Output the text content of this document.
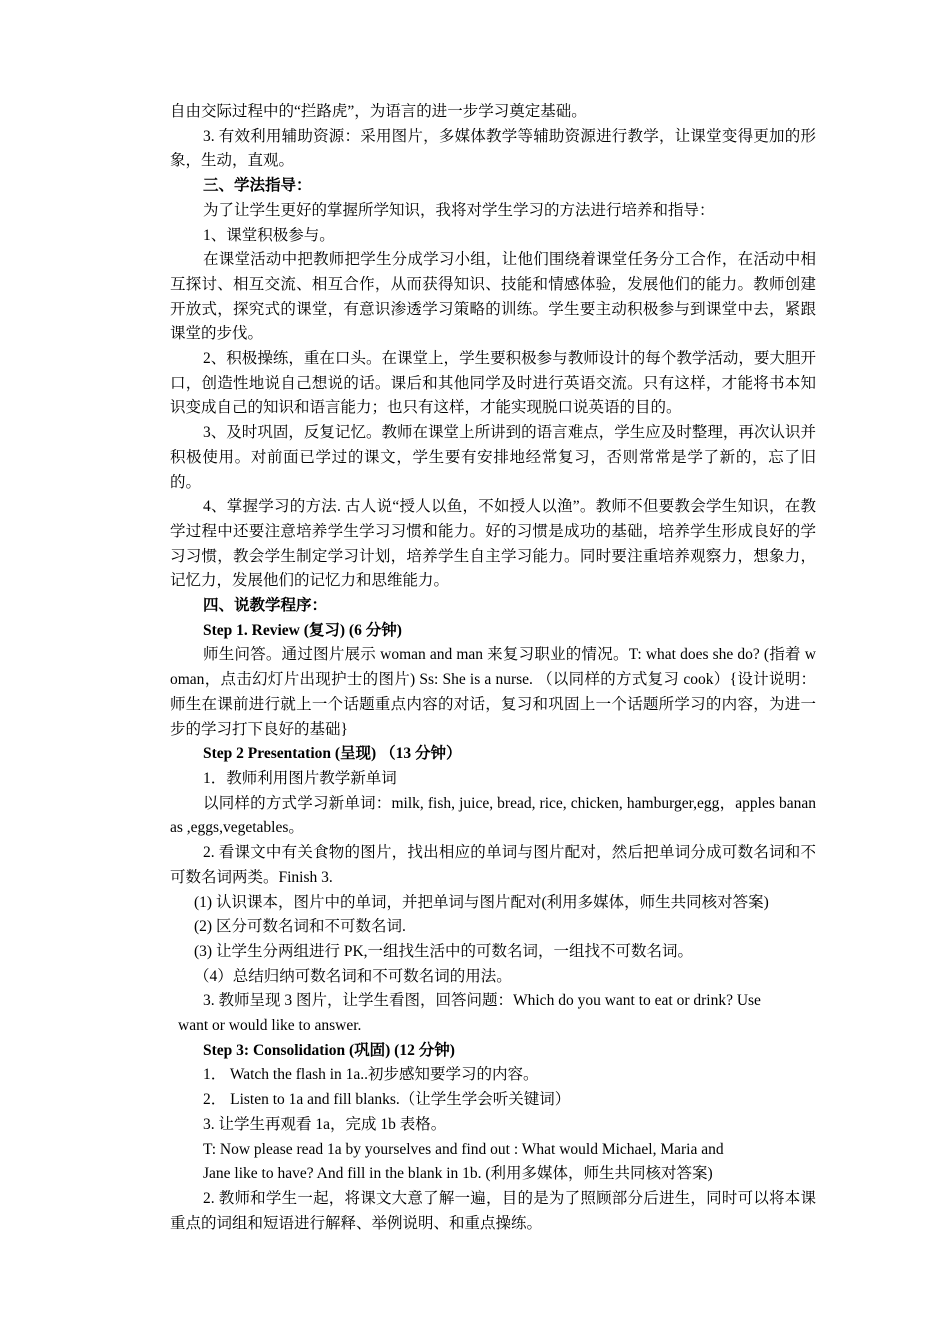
自由交际过程中的“拦路虎”，为语言的进一步学习奠定基础。

3. 有效利用辅助资源：采用图片，多媒体教学等辅助资源进行教学，让课堂变得更加的形象，生动，直观。

三、学法指导：

为了让学生更好的掌握所学知识，我将对学生学习的方法进行培养和指导：

1、课堂积极参与。

在课堂活动中把教师把学生分成学习小组，让他们围绕着课堂任务分工合作，在活动中相互探讨、相互交流、相互合作，从而获得知识、技能和情感体验，发展他们的能力。教师创建开放式，探究式的课堂，有意识渗透学习策略的训练。学生要主动积极参与到课堂中去，紧跟课堂的步伐。

2、积极操练，重在口头。在课堂上，学生要积极参与教师设计的每个教学活动，要大胆开口，创造性地说自己想说的话。课后和其他同学及时进行英语交流。只有这样，才能将书本知识变成自己的知识和语言能力；也只有这样，才能实现脱口说英语的目的。

3、及时巩固，反复记忆。教师在课堂上所讲到的语言难点，学生应及时整理，再次认识并积极使用。对前面已学过的课文，学生要有安排地经常复习，否则常常是学了新的，忘了旧的。

4、掌握学习的方法. 古人说“授人以鱼，不如授人以渔”。教师不但要教会学生知识，在教学过程中还要注意培养学生学习习惯和能力。好的习惯是成功的基础，培养学生形成良好的学习习惯，教会学生制定学习计划，培养学生自主学习能力。同时要注重培养观察力，想象力，记忆力，发展他们的记忆力和思维能力。

四、说教学程序：

Step 1. Review (复习) (6 分钟)

师生问答。通过图片展示 woman and man 来复习职业的情况。T: what does she do? (指着 woman，点击幻灯片出现护士的图片) Ss: She is a nurse. （以同样的方式复习 cook）{设计说明：师生在课前进行就上一个话题重点内容的对话，复习和巩固上一个话题所学习的内容，为进一步的学习打下良好的基础}

Step 2 Presentation (呈现) （13 分钟）

1．教师利用图片教学新单词

以同样的方式学习新单词：milk, fish, juice, bread, rice, chicken, hamburger,egg，apples bananas ,eggs,vegetables。

2. 看课文中有关食物的图片，找出相应的单词与图片配对，然后把单词分成可数名词和不可数名词两类。Finish 3.

(1) 认识课本，图片中的单词，并把单词与图片配对(利用多媒体，师生共同核对答案)

(2) 区分可数名词和不可数名词.

(3) 让学生分两组进行 PK,一组找生活中的可数名词，一组找不可数名词。

（4）总结归纳可数名词和不可数名词的用法。

3. 教师呈现 3 图片，让学生看图，回答问题：Which do you want to eat or drink? Use

want or would like to answer.

Step 3: Consolidation (巩固) (12 分钟)

1． Watch the flash in 1a..初步感知要学习的内容。

2． Listen to 1a and fill blanks.（让学生学会听关键词）

3. 让学生再观看 1a，完成 1b 表格。

T: Now please read 1a by yourselves and find out : What would Michael, Maria and

Jane like to have? And fill in the blank in 1b. (利用多媒体，师生共同核对答案)

2. 教师和学生一起，将课文大意了解一遍，目的是为了照顾部分后进生，同时可以将本课重点的词组和短语进行解释、举例说明、和重点操练。
